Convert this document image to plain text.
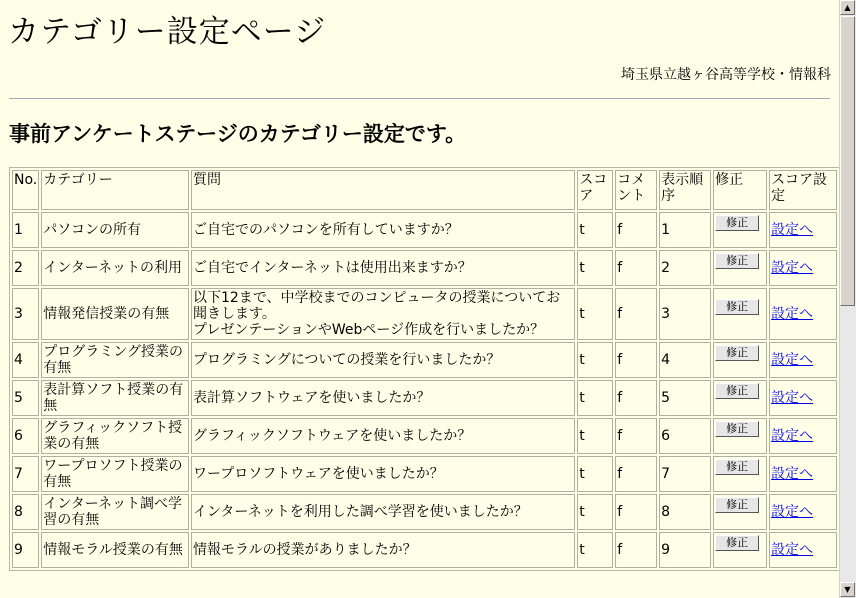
カテゴリー設定ページ
埼玉県立越ヶ谷高等学校・情報科
事前アンケートステージのカテゴリー設定です。
No.	カテゴリー	質問	スコア	コメント	表示順序	修正	スコア設定
1	パソコンの所有	ご自宅でのパソコンを所有していますか？	t	f	1	修正	設定へ
2	インターネットの利用	ご自宅でインターネットは使用出来ますか？	t	f	2	修正	設定へ
3	情報発信授業の有無	以下12まで、中学校までのコンピュータの授業についてお聞きします。
プレゼンテーションやWebページ作成を行いましたか？	t	f	3	修正	設定へ
4	プログラミング授業の有無	プログラミングについての授業を行いましたか？	t	f	4	修正	設定へ
5	表計算ソフト授業の有無	表計算ソフトウェアを使いましたか？	t	f	5	修正	設定へ
6	グラフィックソフト授業の有無	グラフィックソフトウェアを使いましたか？	t	f	6	修正	設定へ
7	ワープロソフト授業の有無	ワープロソフトウェアを使いましたか？	t	f	7	修正	設定へ
8	インターネット調べ学習の有無	インターネットを利用した調べ学習を使いましたか？	t	f	8	修正	設定へ
9	情報モラル授業の有無	情報モラルの授業がありましたか？	t	f	9	修正	設定へ
▲
▼
